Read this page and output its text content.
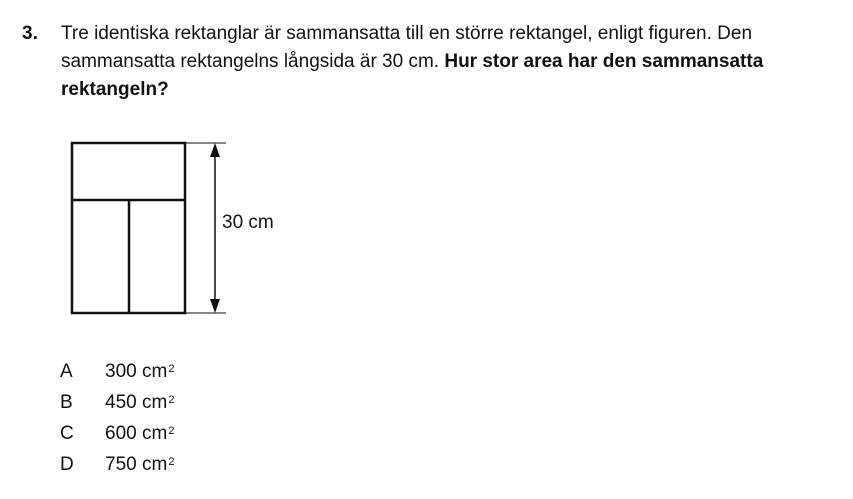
3. Tre identiska rektanglar är sammansatta till en större rektangel, enligt figuren. Den
sammansatta rektangelns långsida är 30 cm. Hur stor area har den sammansatta
rektangeln?
30 cm
A	300 $cm^2$
B	450 $cm^2$
C	600 $cm^2$
D	750 $cm^2$
